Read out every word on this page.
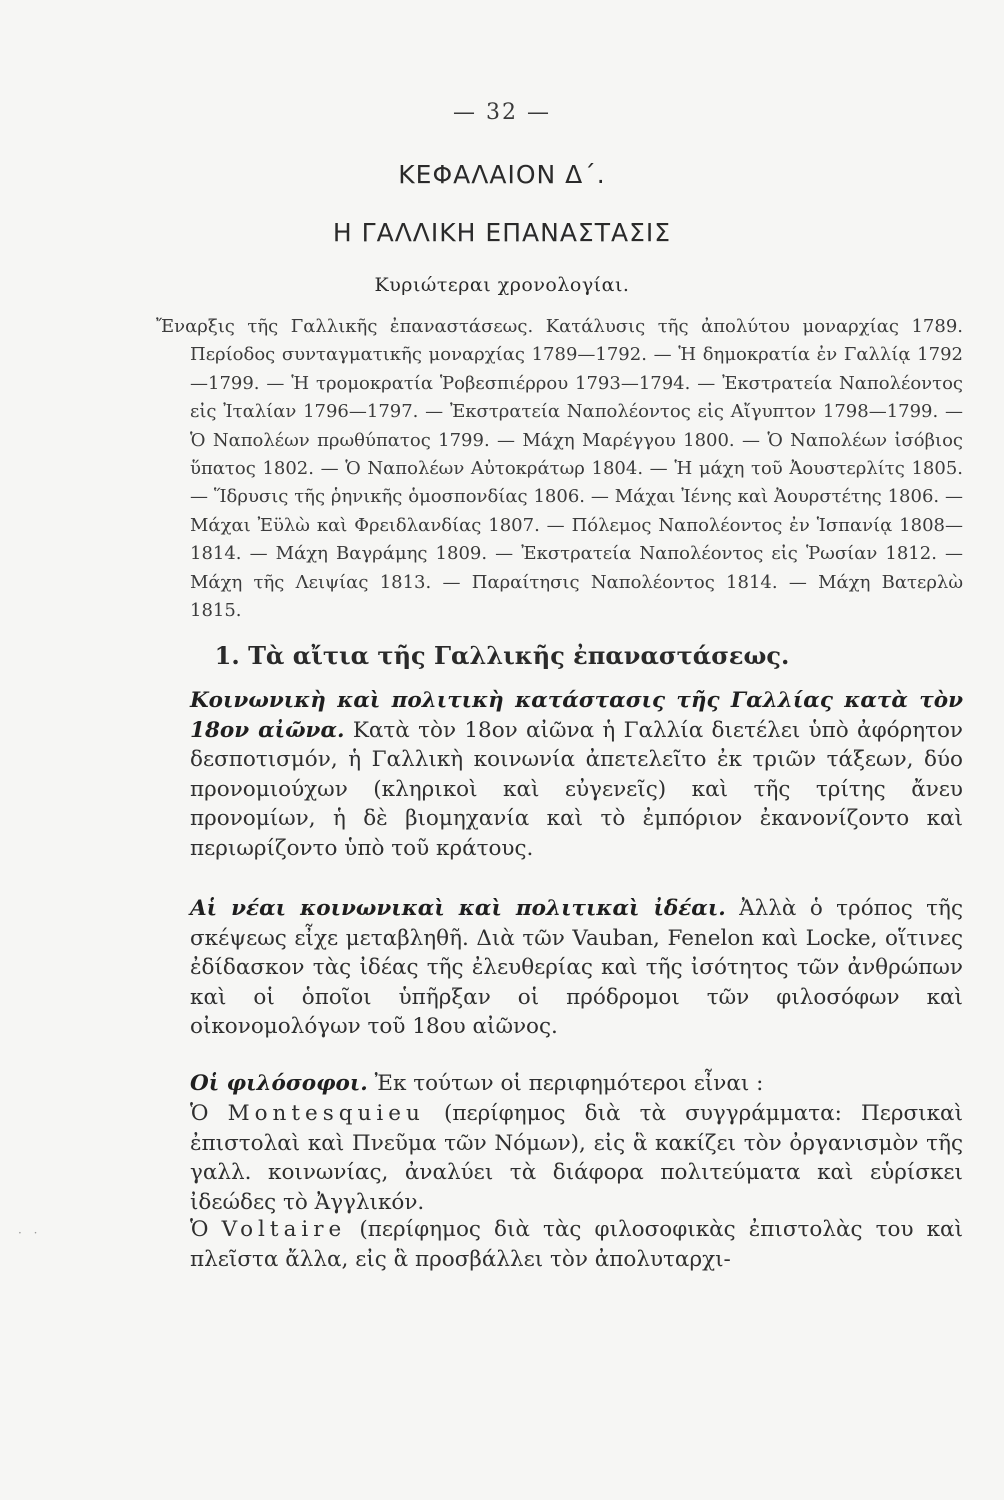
— 32 —
ΚΕΦΑΛΑΙΟΝ Δ΄.
Η ΓΑΛΛΙΚΗ ΕΠΑΝΑΣΤΑΣΙΣ
Κυριώτεραι χρονολογίαι.
Ἔναρξις τῆς Γαλλικῆς ἐπαναστάσεως. Κατάλυσις τῆς ἀπολύτου μοναρχίας 1789. Περίοδος συνταγματικῆς μοναρχίας 1789—1792. — Ἡ δημοκρατία ἐν Γαλλίᾳ 1792—1799. — Ἡ τρομοκρατία Ῥοβεσπιέρρου 1793—1794. — Ἐκστρατεία Ναπολέοντος εἰς Ἰταλίαν 1796—1797. — Ἐκστρατεία Ναπολέοντος εἰς Αἴγυπτον 1798—1799. — Ὁ Ναπολέων πρωθύπατος 1799. — Μάχη Μαρέγγου 1800. — Ὁ Ναπολέων ἰσόβιος ὕπατος 1802. — Ὁ Ναπολέων Αὐτοκράτωρ 1804. — Ἡ μάχη τοῦ Ἀουστερλίτς 1805. — Ἵδρυσις τῆς ῥηνικῆς ὁμοσπονδίας 1806. — Μάχαι Ἰένης καὶ Ἀουρστέτης 1806. — Μάχαι Ἐϋλὼ καὶ Φρειδλανδίας 1807. — Πόλεμος Ναπολέοντος ἐν Ἱσπανίᾳ 1808—1814. — Μάχη Βαγράμης 1809. — Ἐκστρατεία Ναπολέοντος εἰς Ῥωσίαν 1812. — Μάχη τῆς Λειψίας 1813. — Παραίτησις Ναπολέοντος 1814. — Μάχη Βατερλὼ 1815.
1. Τὰ αἴτια τῆς Γαλλικῆς ἐπαναστάσεως.
Κοινωνικὴ καὶ πολιτικὴ κατάστασις τῆς Γαλλίας κατὰ τὸν 18ον αἰῶνα. Κατὰ τὸν 18ον αἰῶνα ἡ Γαλλία διετέλει ὑπὸ ἀφόρητον δεσποτισμόν, ἡ Γαλλικὴ κοινωνία ἀπετελεῖτο ἐκ τριῶν τάξεων, δύο προνομιούχων (κληρικοὶ καὶ εὐγενεῖς) καὶ τῆς τρίτης ἄνευ προνομίων, ἡ δὲ βιομηχανία καὶ τὸ ἐμπόριον ἐκανονίζοντο καὶ περιωρίζοντο ὑπὸ τοῦ κράτους.
Αἱ νέαι κοινωνικαὶ καὶ πολιτικαὶ ἰδέαι. Ἀλλὰ ὁ τρόπος τῆς σκέψεως εἶχε μεταβληθῆ. Διὰ τῶν Vauban, Fenelon καὶ Locke, οἵτινες ἐδίδασκον τὰς ἰδέας τῆς ἐλευθερίας καὶ τῆς ἰσότητος τῶν ἀνθρώπων καὶ οἱ ὁποῖοι ὑπῆρξαν οἱ πρόδρομοι τῶν φιλοσόφων καὶ οἰκονομολόγων τοῦ 18ου αἰῶνος.
Οἱ φιλόσοφοι. Ἐκ τούτων οἱ περιφημότεροι εἶναι :
Ὁ Montesquieu (περίφημος διὰ τὰ συγγράμματα: Περσικαὶ ἐπιστολαὶ καὶ Πνεῦμα τῶν Νόμων), εἰς ἃ κακίζει τὸν ὀργανισμὸν τῆς γαλλ. κοινωνίας, ἀναλύει τὰ διάφορα πολιτεύματα καὶ εὑρίσκει ἰδεώδες τὸ Ἀγγλικόν.
Ὁ Voltaire (περίφημος διὰ τὰς φιλοσοφικὰς ἐπιστολὰς του καὶ πλεῖστα ἄλλα, εἰς ἃ προσβάλλει τὸν ἀπολυταρχι-
· ·
